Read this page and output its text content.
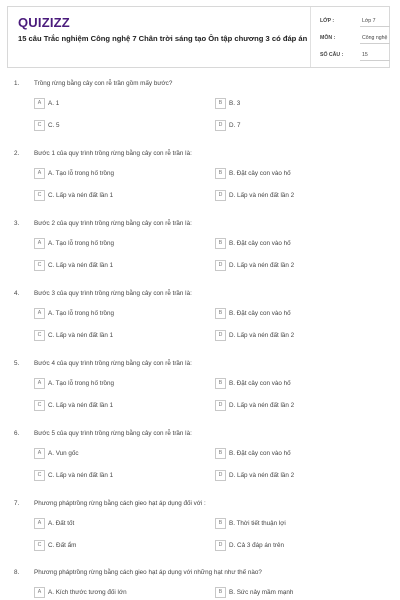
QUIZIZZ
15 câu Trắc nghiệm Công nghệ 7 Chân trời sáng tạo Ôn tập chương 3 có đáp án
LỚP :	Lớp 7
MÔN :	Công nghệ
SỐ CÂU :	15
1. Trồng rừng bằng cây con rễ trần gồm mấy bước?
A	A. 1	B	B. 3
C	C. 5	D	D. 7
2. Bước 1 của quy trình trồng rừng bằng cây con rễ trần là:
A	A. Tạo lỗ trong hố trồng	B	B. Đặt cây con vào hố
C	C. Lấp và nén đất lần 1	D	D. Lấp và nén đất lần 2
3. Bước 2 của quy trình trồng rừng bằng cây con rễ trần là:
A	A. Tạo lỗ trong hố trồng	B	B. Đặt cây con vào hố
C	C. Lấp và nén đất lần 1	D	D. Lấp và nén đất lần 2
4. Bước 3 của quy trình trồng rừng bằng cây con rễ trần là:
A	A. Tạo lỗ trong hố trồng	B	B. Đặt cây con vào hố
C	C. Lấp và nén đất lần 1	D	D. Lấp và nén đất lần 2
5. Bước 4 của quy trình trồng rừng bằng cây con rễ trần là:
A	A. Tạo lỗ trong hố trồng	B	B. Đặt cây con vào hố
C	C. Lấp và nén đất lần 1	D	D. Lấp và nén đất lần 2
6. Bước 5 của quy trình trồng rừng bằng cây con rễ trần là:
A	A. Vun gốc	B	B. Đặt cây con vào hố
C	C. Lấp và nén đất lần 1	D	D. Lấp và nén đất lần 2
7. Phương pháptrồng rừng bằng cách gieo hạt áp dụng đối với :
A	A. Đất tốt	B	B. Thời tiết thuận lợi
C	C. Đất ẩm	D	D. Cả 3 đáp án trên
8. Phương pháptrồng rừng bằng cách gieo hạt áp dụng với những hạt như thế nào?
A	A. Kích thước tương đối lớn	B	B. Sức nảy mầm mạnh
